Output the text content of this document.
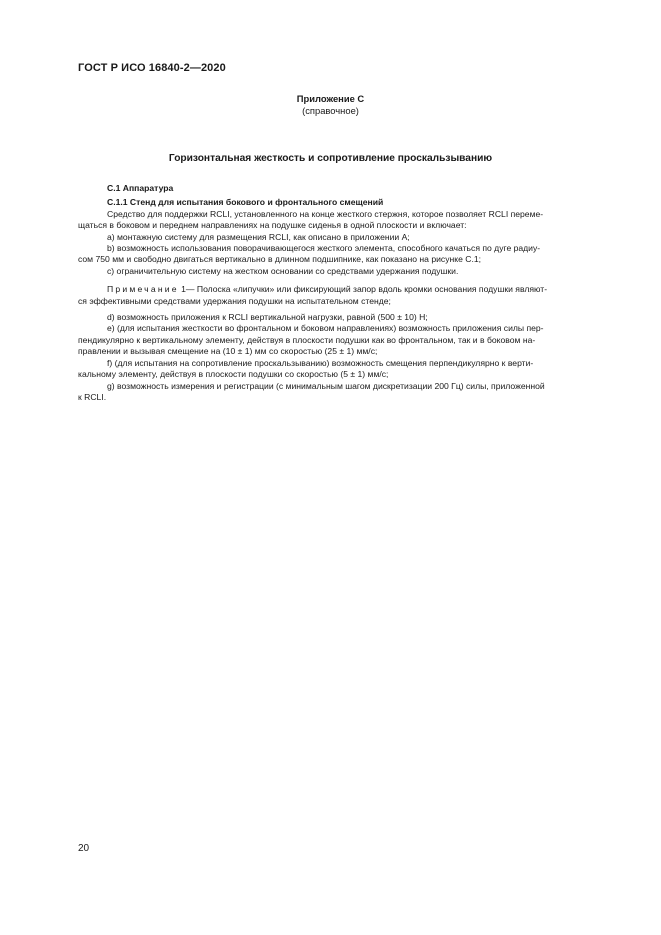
ГОСТ Р ИСО 16840-2—2020
Приложение С
(справочное)
Горизонтальная жесткость и сопротивление проскальзыванию

С.1 Аппаратура

С.1.1 Стенд для испытания бокового и фронтального смещений

Средство для поддержки RCLI, установленного на конце жесткого стержня, которое позволяет RCLI переме-

щаться в боковом и переднем направлениях на подушке сиденья в одной плоскости и включает:

a) монтажную систему для размещения RCLI, как описано в приложении А;

b) возможность использования поворачивающегося жесткого элемента, способного качаться по дуге радиу-

сом 750 мм и свободно двигаться вертикально в длинном подшипнике, как показано на рисунке С.1;

c) ограничительную систему на жестком основании со средствами удержания подушки.

Примечание 1— Полоска «липучки» или фиксирующий запор вдоль кромки основания подушки являют-

ся эффективными средствами удержания подушки на испытательном стенде;

d) возможность приложения к RCLI вертикальной нагрузки, равной (500 ± 10) Н;

e) (для испытания жесткости во фронтальном и боковом направлениях) возможность приложения силы пер-

пендикулярно к вертикальному элементу, действуя в плоскости подушки как во фронтальном, так и в боковом на-

правлении и вызывая смещение на (10 ± 1) мм со скоростью (25 ± 1) мм/с;

f) (для испытания на сопротивление проскальзыванию) возможность смещения перпендикулярно к верти-

кальному элементу, действуя в плоскости подушки со скоростью (5 ± 1) мм/с;

g) возможность измерения и регистрации (с минимальным шагом дискретизации 200 Гц) силы, приложенной

к RCLI.

20
